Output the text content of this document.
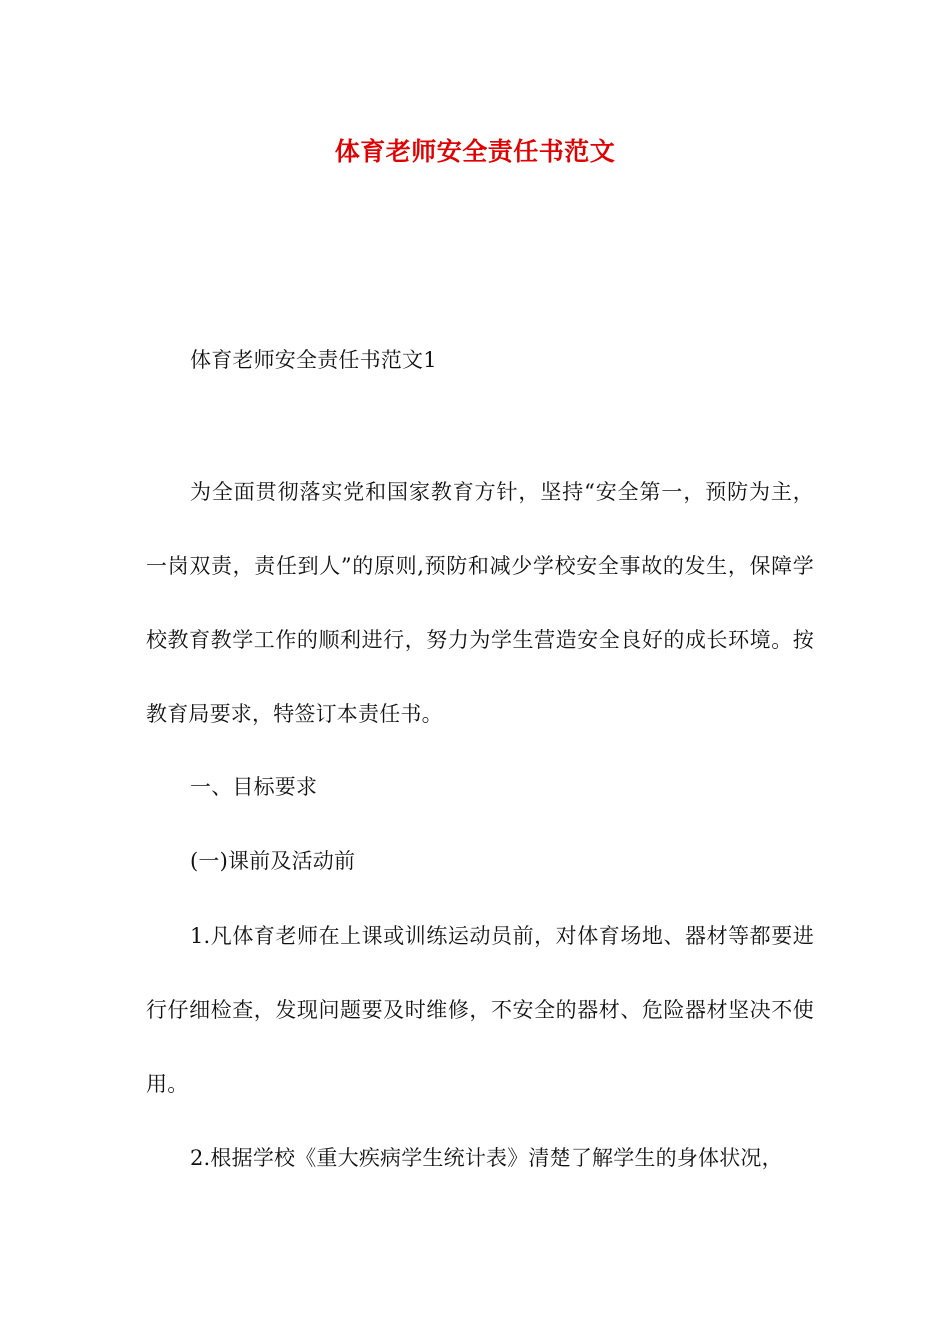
体育老师安全责任书范文

体育老师安全责任书范文1

为全面贯彻落实党和国家教育方针，坚持“安全第一，预防为主，一岗双责，责任到人”的原则,预防和减少学校安全事故的发生，保障学校教育教学工作的顺利进行，努力为学生营造安全良好的成长环境。按教育局要求，特签订本责任书。

一、目标要求

(一)课前及活动前

1.凡体育老师在上课或训练运动员前，对体育场地、器材等都要进行仔细检查，发现问题要及时维修，不安全的器材、危险器材坚决不使用。

2.根据学校《重大疾病学生统计表》清楚了解学生的身体状况，
